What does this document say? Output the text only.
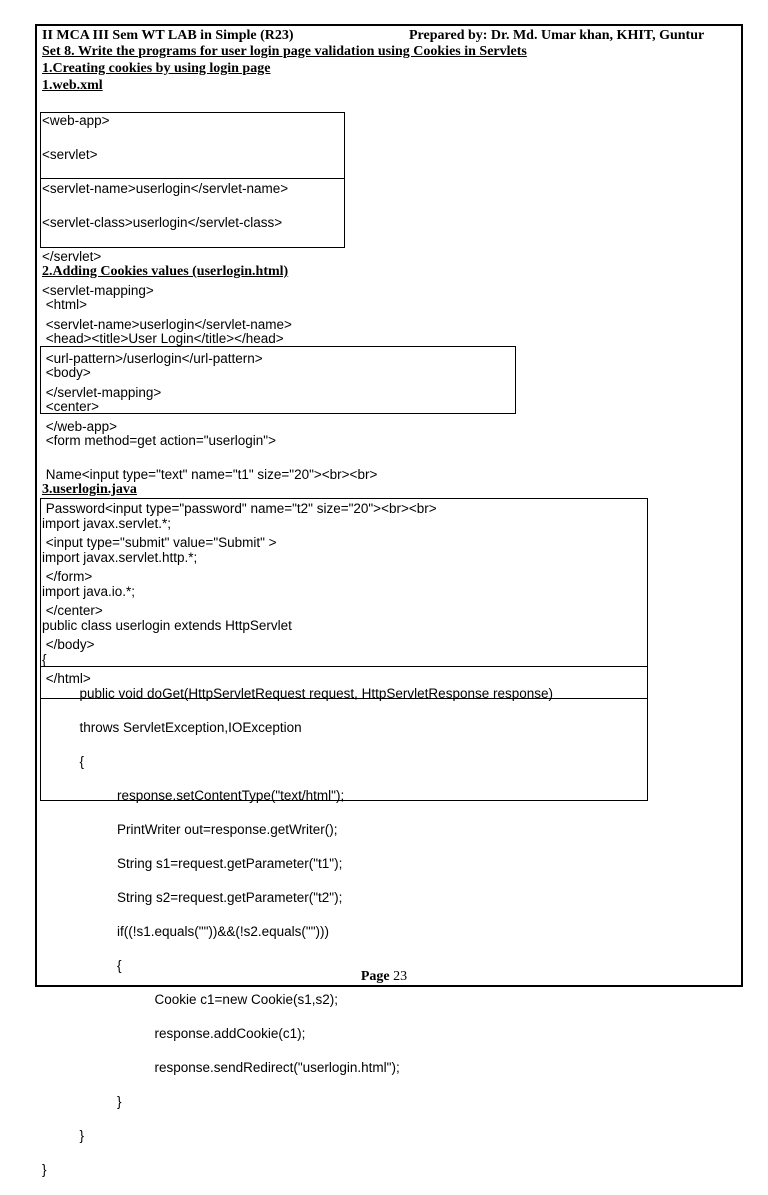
II MCA III Sem WT LAB in Simple (R23)	Prepared by: Dr. Md. Umar khan, KHIT, Guntur
Set 8. Write the programs for user login page validation using Cookies in Servlets
1.Creating cookies by using login page
1.web.xml

<web-app>

<servlet>

<servlet-name>userlogin</servlet-name>

<servlet-class>userlogin</servlet-class>

</servlet>

<servlet-mapping>

<servlet-name>userlogin</servlet-name>

<url-pattern>/userlogin</url-pattern>

</servlet-mapping>

</web-app>

2.Adding Cookies values (userlogin.html)

<html>

<head><title>User Login</title></head>

<body>

<center>

<form method=get action="userlogin">

Name<input type="text" name="t1" size="20"><br><br>

Password<input type="password" name="t2" size="20"><br><br>

<input type="submit" value="Submit" >

</form>

</center>

</body>

</html>

3.userlogin.java

import javax.servlet.*;

import javax.servlet.http.*;

import java.io.*;

public class userlogin extends HttpServlet

{

public void doGet(HttpServletRequest request, HttpServletResponse response)

throws ServletException,IOException

{

response.setContentType("text/html");

PrintWriter out=response.getWriter();

String s1=request.getParameter("t1");

String s2=request.getParameter("t2");

if((!s1.equals(""))&&(!s2.equals("")))

{

Cookie c1=new Cookie(s1,s2);

response.addCookie(c1);

response.sendRedirect("userlogin.html");

}

}

}

Page 23
